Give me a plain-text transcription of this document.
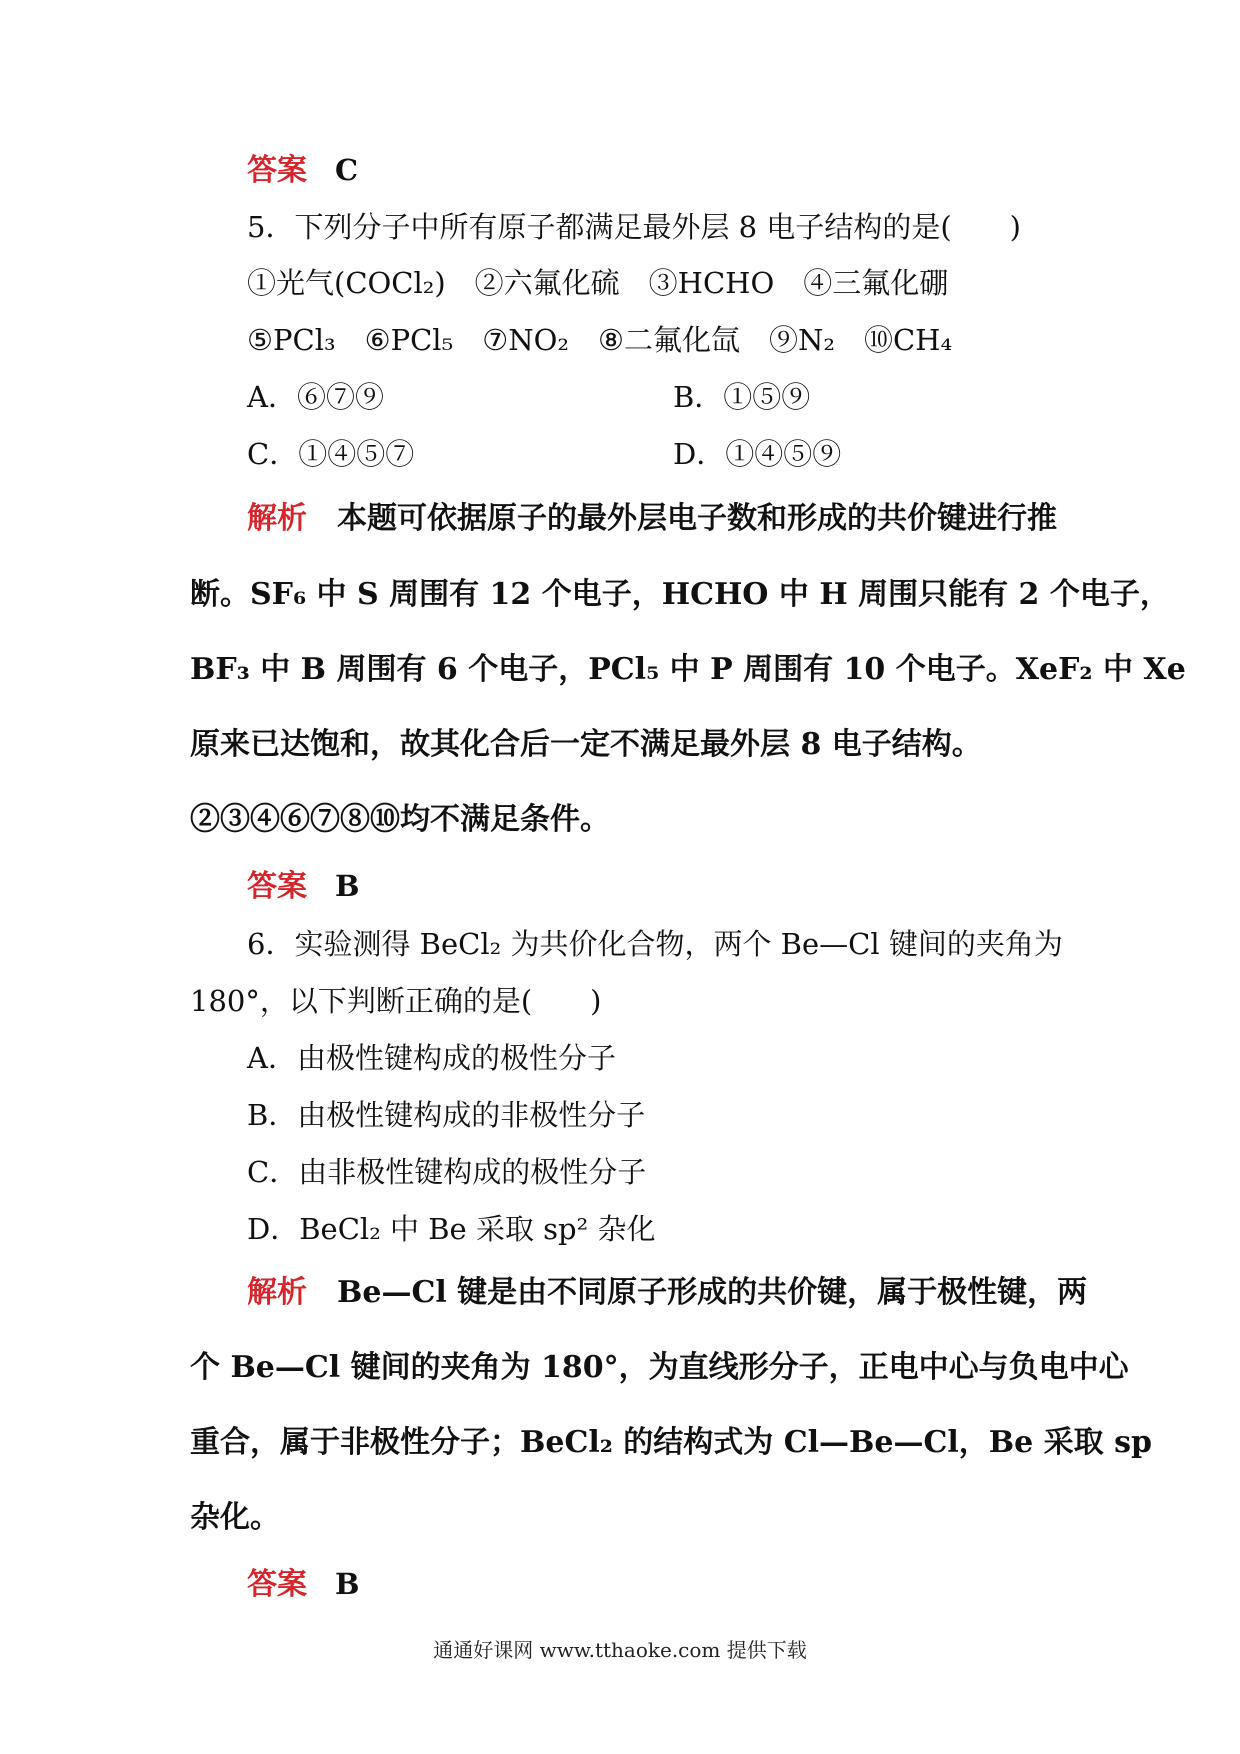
答案 C
5．下列分子中所有原子都满足最外层 8 电子结构的是(　　)
①光气(COCl₂)　②六氟化硫　③HCHO　④三氟化硼
⑤PCl₃　⑥PCl₅　⑦NO₂　⑧二氟化氙　⑨N₂　⑩CH₄
A．⑥⑦⑨	B．①⑤⑨
C．①④⑤⑦	D．①④⑤⑨
解析 本题可依据原子的最外层电子数和形成的共价键进行推
断。SF₆ 中 S 周围有 12 个电子，HCHO 中 H 周围只能有 2 个电子，
BF₃ 中 B 周围有 6 个电子，PCl₅ 中 P 周围有 10 个电子。XeF₂ 中 Xe
原来已达饱和，故其化合后一定不满足最外层 8 电子结构。
②③④⑥⑦⑧⑩均不满足条件。
答案 B
6．实验测得 BeCl₂ 为共价化合物，两个 Be—Cl 键间的夹角为
180°，以下判断正确的是(　　)
A．由极性键构成的极性分子
B．由极性键构成的非极性分子
C．由非极性键构成的极性分子
D．BeCl₂ 中 Be 采取 sp² 杂化
解析 Be—Cl 键是由不同原子形成的共价键，属于极性键，两
个 Be—Cl 键间的夹角为 180°，为直线形分子，正电中心与负电中心
重合，属于非极性分子；BeCl₂ 的结构式为 Cl—Be—Cl，Be 采取 sp
杂化。
答案 B
通通好课网 www.tthaoke.com 提供下载
